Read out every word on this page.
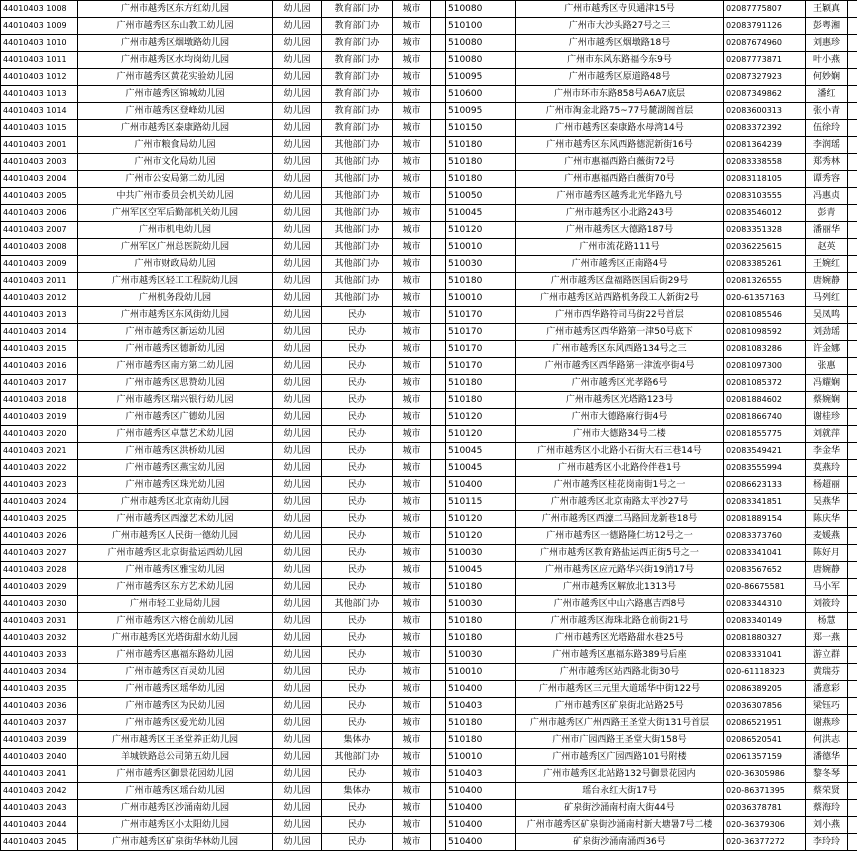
44010403 1008	广州市越秀区东方红幼儿园	幼儿园	教育部门办	城市		510080	广州市越秀区寺贝通津15号	02087775807	王颖真	
44010403 1009	广州市越秀区东山教工幼儿园	幼儿园	教育部门办	城市		510100	广州市大沙头路27号之三	02083791126	彭粤湘	
44010403 1010	广州市越秀区烟墩路幼儿园	幼儿园	教育部门办	城市		510080	广州市越秀区烟墩路18号	02087674960	刘惠珍	
44010403 1011	广州市越秀区水均岗幼儿园	幼儿园	教育部门办	城市		510080	广州市东风东路福今东9号	02087773871	叶小燕	
44010403 1012	广州市越秀区黄花实验幼儿园	幼儿园	教育部门办	城市		510095	广州市越秀区原道路48号	02087327923	何妙娴	
44010403 1013	广州市越秀区锦城幼儿园	幼儿园	教育部门办	城市		510600	广州市环市东路858号A6A7底层	02087349862	潘红	
44010403 1014	广州市越秀区登峰幼儿园	幼儿园	教育部门办	城市		510095	广州市淘金北路75~77号麓湖阁首层	02083600313	张小青	
44010403 1015	广州市越秀区泰康路幼儿园	幼儿园	教育部门办	城市		510150	广州市越秀区泰康路水母湾14号	02083372392	伍徐玲	
44010403 2001	广州市粮食局幼儿园	幼儿园	其他部门办	城市		510180	广州市越秀区东风西路德泥新街16号	02081364239	李润瑶	
44010403 2003	广州市文化局幼儿园	幼儿园	其他部门办	城市		510180	广州市惠福西路白薇街72号	02083338558	郑秀林	
44010403 2004	广州市公安局第二幼儿园	幼儿园	其他部门办	城市		510180	广州市惠福西路白薇街70号	02083118105	谭秀容	
44010403 2005	中共广州市委员会机关幼儿园	幼儿园	其他部门办	城市		510050	广州市越秀区越秀北光华路九号	02083103555	冯惠贞	
44010403 2006	广州军区空军后勤部机关幼儿园	幼儿园	其他部门办	城市		510045	广州市越秀区小北路243号	02083546012	彭青	
44010403 2007	广州市机电幼儿园	幼儿园	其他部门办	城市		510120	广州市越秀区大德路187号	02083351328	潘丽华	
44010403 2008	广州军区广州总医院幼儿园	幼儿园	其他部门办	城市		510010	广州市流花路111号	02036225615	赵英	
44010403 2009	广州市财政局幼儿园	幼儿园	其他部门办	城市		510030	广州市越秀区正南路4号	02083385261	王婉红	
44010403 2011	广州市越秀区轻工工程院幼儿园	幼儿园	其他部门办	城市		510180	广州市越秀区盘福路医国后街29号	02081326555	唐婉静	
44010403 2012	广州机务段幼儿园	幼儿园	其他部门办	城市		510010	广州市越秀区站西路机务段工人新街2号	020-61357163	马列红	
44010403 2013	广州市越秀区东风街幼儿园	幼儿园	民办	城市		510170	广州市西华路符司马街22号首层	02081085546	吴凤鸣	
44010403 2014	广州市越秀区新运幼儿园	幼儿园	民办	城市		510170	广州市越秀区西华路第一津50号底下	02081098592	刘劲瑶	
44010403 2015	广州市越秀区德新幼儿园	幼儿园	民办	城市		510170	广州市越秀区东风西路134号之三	02081083286	许金娜	
44010403 2016	广州市越秀区南方第二幼儿园	幼儿园	民办	城市		510170	广州市越秀区西华路第一津流亭街4号	02081097300	张惠	
44010403 2017	广州市越秀区思赞幼儿园	幼儿园	民办	城市		510180	广州市越秀区光孝路6号	02081085372	冯耀娴	
44010403 2018	广州市越秀区瑞兴银行幼儿园	幼儿园	民办	城市		510180	广州市越秀区光塔路123号	02081884602	蔡婉娴	
44010403 2019	广州市越秀区广德幼儿园	幼儿园	民办	城市		510120	广州市大德路麻行街4号	02081866740	谢桂珍	
44010403 2020	广州市越秀区卓慧艺术幼儿园	幼儿园	民办	城市		510120	广州市大德路34号二楼	02081855775	刘就萍	
44010403 2021	广州市越秀区洪桥幼儿园	幼儿园	民办	城市		510045	广州市越秀区小北路小石街大石三巷14号	02083549421	李金华	
44010403 2022	广州市越秀区燕宝幼儿园	幼儿园	民办	城市		510045	广州市越秀区小北路伶伴巷1号	02083555994	莫燕玲	
44010403 2023	广州市越秀区珠光幼儿园	幼儿园	民办	城市		510400	广州市越秀区桂花岗南街1号之一	02086623133	杨超丽	
44010403 2024	广州市越秀区北京南幼儿园	幼儿园	民办	城市		510115	广州市越秀区北京南路太平沙27号	02083341851	吴燕华	
44010403 2025	广州市越秀区西濠艺术幼儿园	幼儿园	民办	城市		510120	广州市越秀区西濠二马路回龙新巷18号	02081889154	陈庆华	
44010403 2026	广州市越秀区人民街一德幼儿园	幼儿园	民办	城市		510120	广州市越秀区一德路隆仁坊12号之一	02083373760	麦媛燕	
44010403 2027	广州市越秀区北京街盐运西幼儿园	幼儿园	民办	城市		510030	广州市越秀区教育路盐运西正街5号之一	02083341041	陈好月	
44010403 2028	广州市越秀区雅宝幼儿园	幼儿园	民办	城市		510045	广州市越秀区应元路华兴街19消17号	02083567652	唐婉静	
44010403 2029	广州市越秀区东方艺术幼儿园	幼儿园	民办	城市		510180	广州市越秀区解放北1313号	020-86675581	马小军	
44010403 2030	广州市轻工业局幼儿园	幼儿园	其他部门办	城市		510030	广州市越秀区中山六路惠吉西8号	02083344310	刘筱玲	
44010403 2031	广州市越秀区六榕仓前幼儿园	幼儿园	民办	城市		510180	广州市越秀区海珠北路仓前街21号	02083340149	杨慧	
44010403 2032	广州市越秀区光塔街甜水幼儿园	幼儿园	民办	城市		510180	广州市越秀区光塔路甜水巷25号	02081880327	郑一燕	
44010403 2033	广州市越秀区惠福东路幼儿园	幼儿园	民办	城市		510030	广州市越秀区惠福东路389号后座	02083331041	游立群	
44010403 2034	广州市越秀区百灵幼儿园	幼儿园	民办	城市		510010	广州市越秀区站西路北街30号	020-61118323	黄瑞芬	
44010403 2035	广州市越秀区瑶华幼儿园	幼儿园	民办	城市		510400	广州市越秀区三元里大道瑶华中街122号	02086389205	潘意彩	
44010403 2036	广州市越秀区为民幼儿园	幼儿园	民办	城市		510403	广州市越秀区矿泉街北站路25号	02036307856	梁钰巧	
44010403 2037	广州市越秀区爱光幼儿园	幼儿园	民办	城市		510180	广州市越秀区广州西路王圣堂大街131号首层	02086521951	谢燕珍	
44010403 2039	广州市越秀区王圣堂养正幼儿园	幼儿园	集体办	城市		510180	广州市广园西路王圣堂大街158号	02086520541	何洪志	
44010403 2040	羊城铁路总公司第五幼儿园	幼儿园	其他部门办	城市		510010	广州市越秀区广园西路101号附楼	02061357159	潘德华	
44010403 2041	广州市越秀区御景花园幼儿园	幼儿园	民办	城市		510403	广州市越秀区北站路132号御景花园内	020-36305986	黎冬琴	
44010403 2042	广州市越秀区瑶台幼儿园	幼儿园	集体办	城市		510400	瑶台永红大街17号	020-86371395	蔡荣贤	
44010403 2043	广州市越秀区沙涌南幼儿园	幼儿园	民办	城市		510400	矿泉街沙涌南村南大街44号	02036378781	蔡海玲	
44010403 2044	广州市越秀区小太阳幼儿园	幼儿园	民办	城市		510400	广州市越秀区矿泉街沙涌南村新大塘暑7号二楼	020-36379306	刘小燕	
44010403 2045	广州市越秀区矿泉街华林幼儿园	幼儿园	民办	城市		510400	矿泉街沙涌南涌西36号	020-36377272	李玲玲	
